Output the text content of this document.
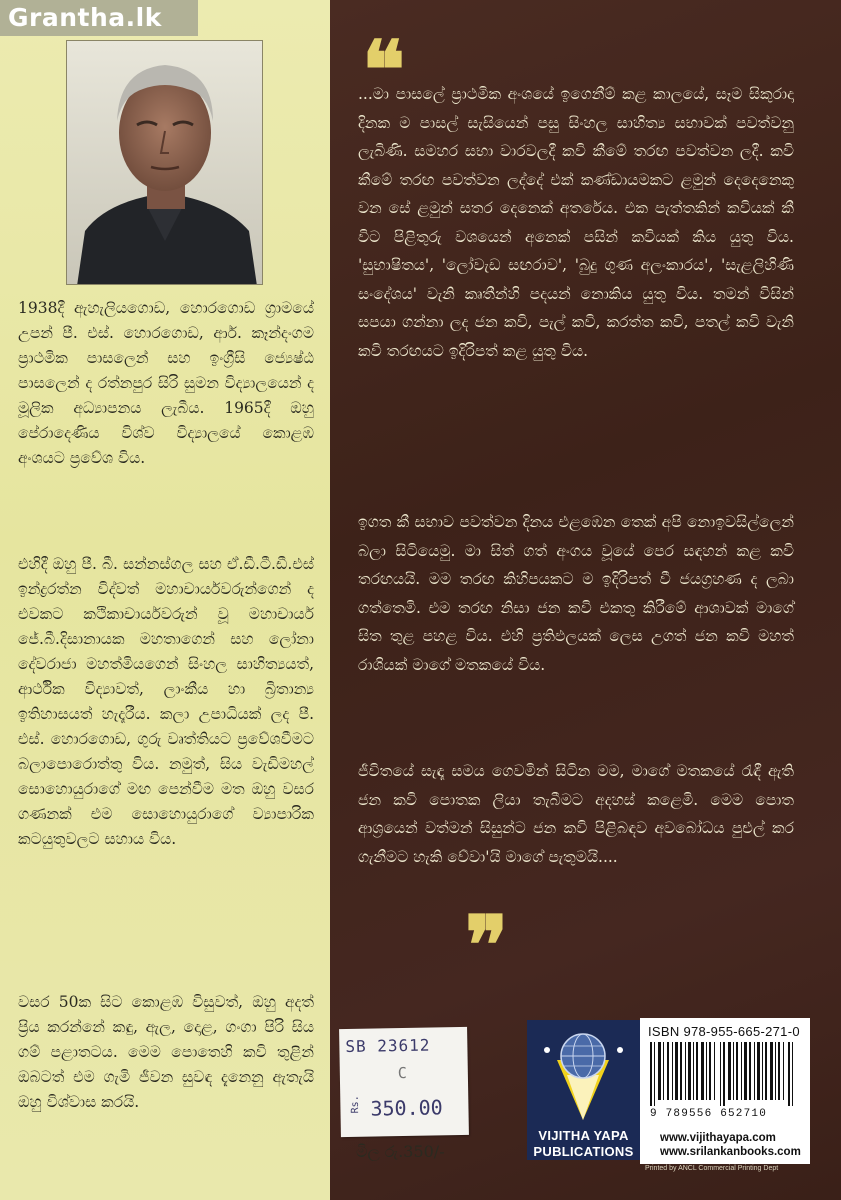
Grantha.lk

1938දී ඇහැලියගොඩ, හොරගොඩ ග්‍රාමයේ උපන් පී. එස්. හොරගොඩ, ආර්. කෑන්දංගම ප්‍රාථමික පාසලෙන් සහ ඉංග්‍රීසි ජ්‍යෙෂ්ඨ පාසලෙන් ද රත්නපුර සිරි සුමන විද්‍යාලයෙන් ද මූලික අධ්‍යාපනය ලැබීය. 1965දී ඔහු පේරාදෙණිය විශ්ව විද්‍යාලයේ කොළඹ අංශයට ප්‍රවේශ විය.

එහිදී ඔහු පී. බී. සන්නස්ගල සහ ඒ.ඩී.ටී.ඩී.එස් ඉන්ද්‍රරත්න විද්වත් මහාචාර්යවරුන්ගෙන් ද එවකට කථිකාචාර්යවරුන් වූ මහාචාර්ය ජේ.බී.දිසානායක මහතාගෙන් සහ ලෝනා දේවරාජා මහත්මියගෙන් සිංහල සාහිත්‍යයත්, ආර්ථික විද්‍යාවත්, ලාංකීය හා බ්‍රිතාන්‍ය ඉතිහාසයත් හැදෑරීය. කලා උපාධියක් ලද පී. එස්. හොරගොඩ, ගුරු වෘත්තියට ප්‍රවේශවීමට බලාපොරොත්තු විය. නමුත්, සිය වැඩිමහල් සොහොයුරාගේ මඟ පෙන්වීම මත ඔහු වසර ගණනක් එම සොහොයුරාගේ ව්‍යාපාරික කටයුතුවලට සහාය විය.

වසර 50ක සිට කොළඹ විසුවත්, ඔහු අදත් ප්‍රිය කරන්නේ කඳු, ඇල, දොළ, ගංගා පිරි සිය ගම් පළාතටය. මෙම පොතෙහි කවි තුළින් ඔබටත් එම ගැමි ජීවන සුවඳ දැනෙනු ඇතැයි ඔහු විශ්වාස කරයි.

මිල රු.350/-
❝

...මා පාසලේ ප්‍රාථමික අංශයේ ඉගෙනීම් කළ කාලයේ, සෑම සිකුරාදා දිනක ම පාසල් සැසියෙන් පසු සිංහල සාහිත්‍ය සභාවක් පවත්වනු ලැබිණි. සමහර සභා වාරවලදී කවි කීමේ තරඟ පවත්වන ලදී. කවි කීමේ තරඟ පවත්වන ලද්දේ එක් කණ්ඩායමකට ළමුන් දෙදෙනෙකු වන සේ ළමුන් සතර දෙනෙක් අතරේය. එක පැත්තකින් කවියක් කී විට පිළිතුරු වශයෙන් අනෙක් පසින් කවියක් කිය යුතු විය. 'සුභාෂිතය', 'ලෝවැඩ සඟරාව', 'බුදු ගුණ අලංකාරය', 'සැළලිහිණි සංදේශය' වැනි කෘතීන්හි පදයන් නොකිය යුතු විය. තමන් විසින් සපයා ගන්නා ලද ජන කවි, පැල් කවි, කරත්ත කවි, පතල් කවි වැනි කවි තරඟයට ඉදිරිපත් කළ යුතු විය.

ඉගත කී සභාව පවත්වන දිනය එළඹෙන තෙක් අපි නොඉවසිල්ලෙන් බලා සිටියෙමු. මා සිත් ගත් අංගය වූයේ පෙර සඳහන් කළ කවි තරඟයයි. මම තරඟ කිහිපයකට ම ඉදිරිපත් වී ජයග්‍රහණ ද ලබා ගත්තෙමි. එම තරඟ නිසා ජන කවි එකතු කිරීමේ ආශාවක් මාගේ සිත තුළ පහළ විය. එහි ප්‍රතිඵලයක් ලෙස උගත් ජන කවි මහත් රාශියක් මාගේ මතකයේ විය.

ජීවිතයේ සැඳෑ සමය ගෙවමින් සිටින මම, මාගේ මතකයේ රැඳී ඇති ජන කවි පොතක ලියා තැබීමට අදහස් කළෙමි. මෙම පොත ආශ්‍රයෙන් වත්මන් සිසුන්ට ජන කවි පිළිබඳව අවබෝධය පුළුල් කර ගැනීමට හැකි වේවා'යි මාගේ පැතුමයි....

❞
SB 23612
C
Rs. 350.00
VIJITHA YAPA
PUBLICATIONS
ISBN 978-955-665-271-0
9 789556 652710
www.vijithayapa.com
www.srilankanbooks.com
Printed by ANCL Commercial Printing Dept
